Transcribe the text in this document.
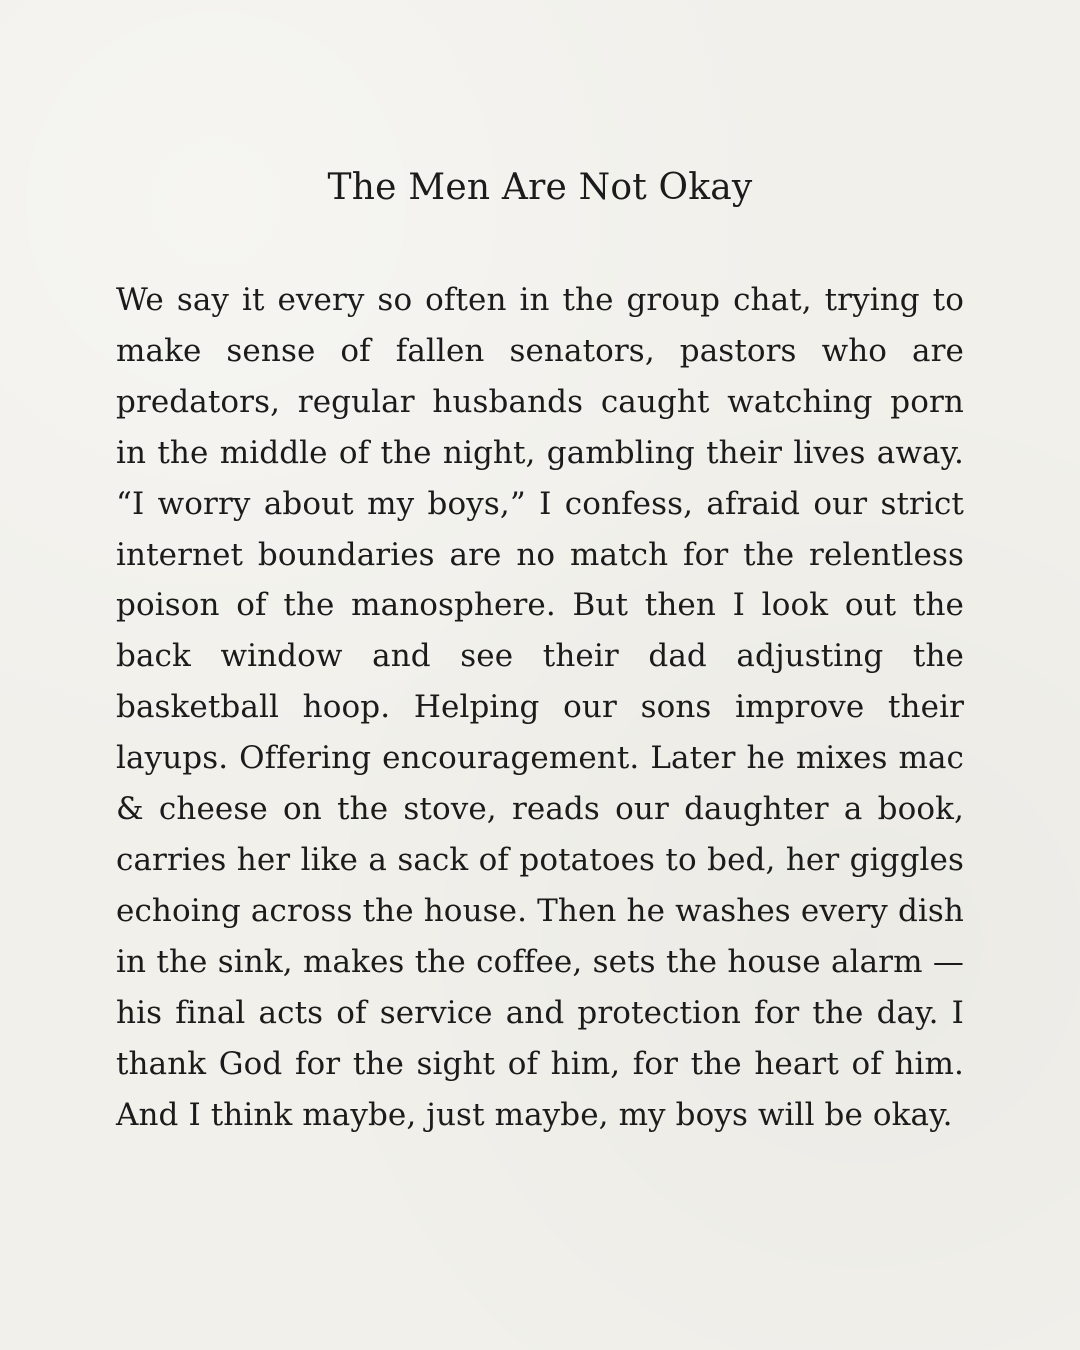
The Men Are Not Okay

We say it every so often in the group chat, trying to make sense of fallen senators, pastors who are predators, regular husbands caught watching porn in the middle of the night, gambling their lives away. “I worry about my boys,” I confess, afraid our strict internet boundaries are no match for the relentless poison of the manosphere. But then I look out the back window and see their dad adjusting the basketball hoop. Helping our sons improve their layups. Offering encouragement. Later he mixes mac & cheese on the stove, reads our daughter a book, carries her like a sack of potatoes to bed, her giggles echoing across the house. Then he washes every dish in the sink, makes the coffee, sets the house alarm — his final acts of service and protection for the day. I thank God for the sight of him, for the heart of him. And I think maybe, just maybe, my boys will be okay.
